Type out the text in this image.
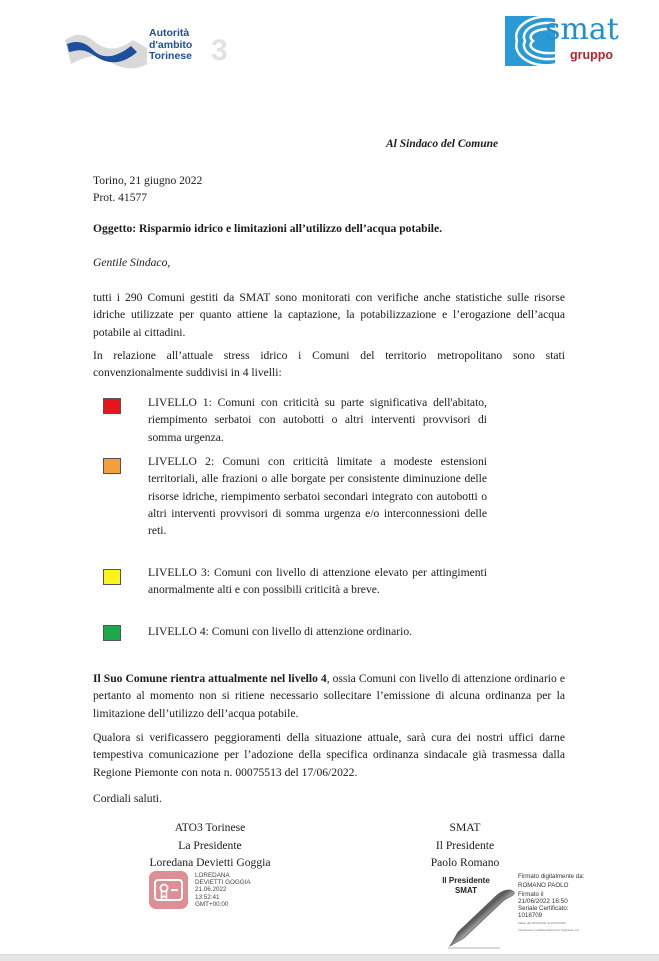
Autorità
d'ambito
Torinese 3
smat
gruppo
Al Sindaco del Comune
Torino, 21 giugno 2022
Prot. 41577
Oggetto: Risparmio idrico e limitazioni all’utilizzo dell’acqua potabile.
Gentile Sindaco,
tutti i 290 Comuni gestiti da SMAT sono monitorati con verifiche anche statistiche sulle risorse idriche utilizzate per quanto attiene la captazione, la potabilizzazione e l’erogazione dell’acqua potabile ai cittadini.
In relazione all’attuale stress idrico i Comuni del territorio metropolitano sono stati convenzionalmente suddivisi in 4 livelli:
LIVELLO 1: Comuni con criticità su parte significativa dell'abitato, riempimento serbatoi con autobotti o altri interventi provvisori di somma urgenza.
LIVELLO 2: Comuni con criticità limitate a modeste estensioni territoriali, alle frazioni o alle borgate per consistente diminuzione delle risorse idriche, riempimento serbatoi secondari integrato con autobotti o altri interventi provvisori di somma urgenza e/o interconnessioni delle reti.
LIVELLO 3: Comuni con livello di attenzione elevato per attingimenti anormalmente alti e con possibili criticità a breve.
LIVELLO 4: Comuni con livello di attenzione ordinario.
Il Suo Comune rientra attualmente nel livello 4, ossia Comuni con livello di attenzione ordinario e pertanto al momento non si ritiene necessario sollecitare l’emissione di alcuna ordinanza per la limitazione dell’utilizzo dell’acqua potabile.
Qualora si verificassero peggioramenti della situazione attuale, sarà cura dei nostri uffici darne tempestiva comunicazione per l’adozione della specifica ordinanza sindacale già trasmessa dalla Regione Piemonte con nota n. 00075513 del 17/06/2022.
Cordiali saluti.
ATO3 Torinese
La Presidente
Loredana Devietti Goggia
LOREDANA
DEVIETTI GOGGIA
21.06.2022
13:52:41
GMT+00:00
SMAT
Il Presidente
Paolo Romano
Il Presidente
SMAT
Firmato digitalmente da:
ROMANO PAOLO
Firmato il
21/06/2022 16:50
Seriale Certificato:
1018709
Valido dal 20/12/2021 al 20/12/2024
InfoCamere Qualified Electronic Signature CA
